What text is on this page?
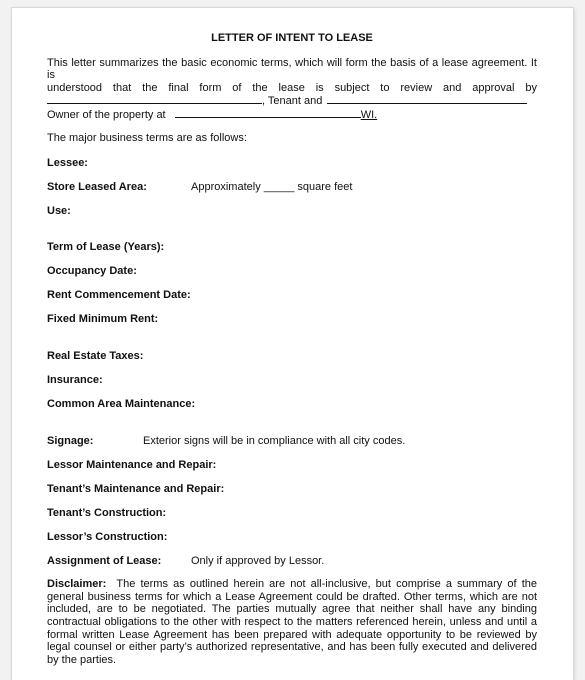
LETTER OF INTENT TO LEASE

This letter summarizes the basic economic terms, which will form the basis of a lease agreement. It is

understood that the final form of the lease is subject to review and approval by

, Tenant and
Owner of the property at	WI.

The major business terms are as follows:

Lessee:
Store Leased Area:	Approximately _____ square feet
Use:
Term of Lease (Years):
Occupancy Date:
Rent Commencement Date:
Fixed Minimum Rent:
Real Estate Taxes:
Insurance:
Common Area Maintenance:
Signage:	Exterior signs will be in compliance with all city codes.
Lessor Maintenance and Repair:
Tenant’s Maintenance and Repair:
Tenant’s Construction:
Lessor’s Construction:
Assignment of Lease:	Only if approved by Lessor.

Disclaimer: The terms as outlined herein are not all-inclusive, but comprise a summary of the general business terms for which a Lease Agreement could be drafted. Other terms, which are not included, are to be negotiated. The parties mutually agree that neither shall have any binding contractual obligations to the other with respect to the matters referenced herein, unless and until a formal written Lease Agreement has been prepared with adequate opportunity to be reviewed by legal counsel or either party’s authorized representative, and has been fully executed and delivered by the parties.
